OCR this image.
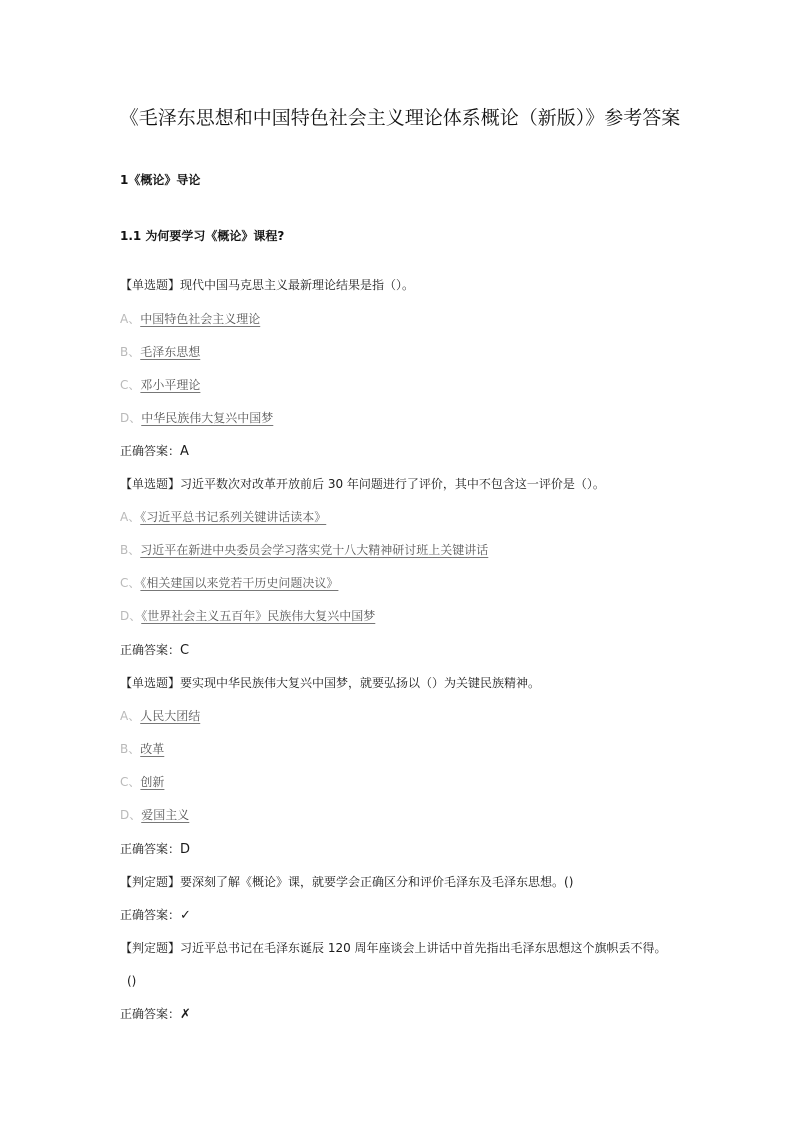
《毛泽东思想和中国特色社会主义理论体系概论（新版）》参考答案
1《概论》导论
1.1 为何要学习《概论》课程?
【单选题】现代中国马克思主义最新理论结果是指（）。
A、中国特色社会主义理论
B、毛泽东思想
C、邓小平理论
D、中华民族伟大复兴中国梦
正确答案：A
【单选题】习近平数次对改革开放前后 30 年问题进行了评价，其中不包含这一评价是（）。
A、《习近平总书记系列关键讲话读本》
B、习近平在新进中央委员会学习落实党十八大精神研讨班上关键讲话
C、《相关建国以来党若干历史问题决议》
D、《世界社会主义五百年》民族伟大复兴中国梦
正确答案：C
【单选题】要实现中华民族伟大复兴中国梦，就要弘扬以（）为关键民族精神。
A、人民大团结
B、改革
C、创新
D、爱国主义
正确答案：D
【判定题】要深刻了解《概论》课，就要学会正确区分和评价毛泽东及毛泽东思想。()
正确答案：✓
【判定题】习近平总书记在毛泽东诞辰 120 周年座谈会上讲话中首先指出毛泽东思想这个旗帜丢不得。
()
正确答案：✗
